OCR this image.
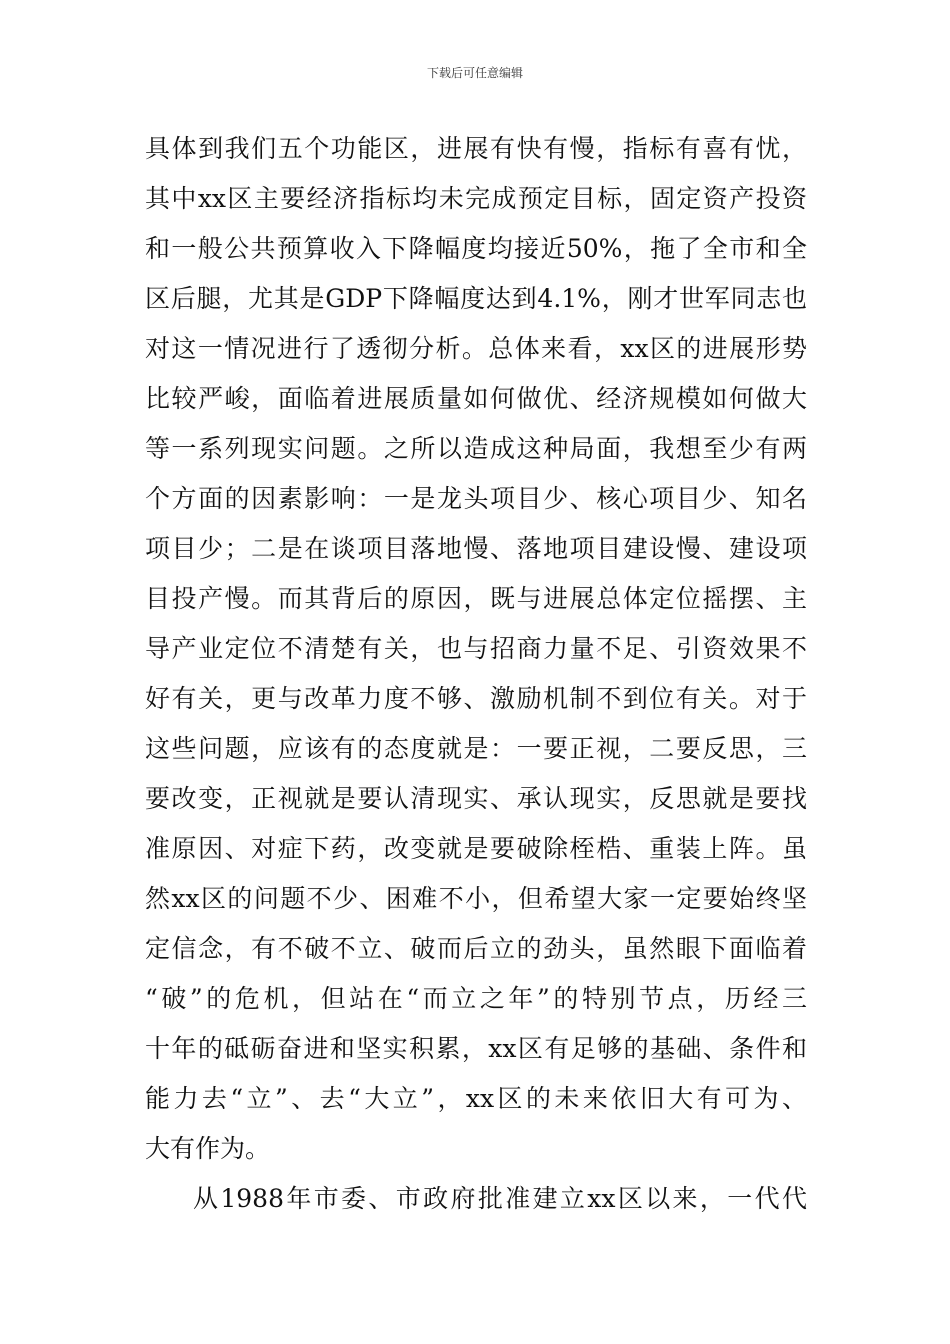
下载后可任意编辑
具体到我们五个功能区，进展有快有慢，指标有喜有忧，
其中xx区主要经济指标均未完成预定目标，固定资产投资
和一般公共预算收入下降幅度均接近50%，拖了全市和全
区后腿，尤其是GDP下降幅度达到4.1%，刚才世军同志也
对这一情况进行了透彻分析。总体来看，xx区的进展形势
比较严峻，面临着进展质量如何做优、经济规模如何做大
等一系列现实问题。之所以造成这种局面，我想至少有两
个方面的因素影响：一是龙头项目少、核心项目少、知名
项目少；二是在谈项目落地慢、落地项目建设慢、建设项
目投产慢。而其背后的原因，既与进展总体定位摇摆、主
导产业定位不清楚有关，也与招商力量不足、引资效果不
好有关，更与改革力度不够、激励机制不到位有关。对于
这些问题，应该有的态度就是：一要正视，二要反思，三
要改变，正视就是要认清现实、承认现实，反思就是要找
准原因、对症下药，改变就是要破除桎梏、重装上阵。虽
然xx区的问题不少、困难不小，但希望大家一定要始终坚
定信念，有不破不立、破而后立的劲头，虽然眼下面临着
“破”的危机，但站在“而立之年”的特别节点，历经三
十年的砥砺奋进和坚实积累，xx区有足够的基础、条件和
能力去“立”、去“大立”，xx区的未来依旧大有可为、
大有作为。
从1988年市委、市政府批准建立xx区以来，一代代
